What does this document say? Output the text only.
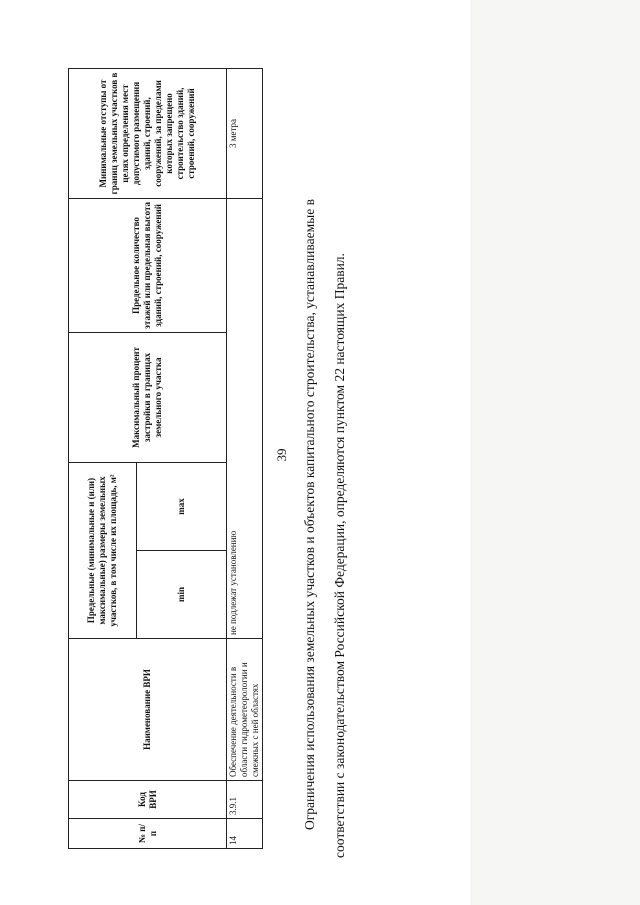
39
№ п/п	Код ВРИ	Наименование ВРИ	Предельные (минимальные и (или) максимальные) размеры земельных участков, в том числе их площадь, м²		Максимальный процент застройки в границах земельного участка	Предельное количество этажей или предельная высота зданий, строений, сооружений	Минимальные отступы от границ земельных участков в целях определения мест допустимого размещения зданий, строений, сооружений, за пределами которых запрещено строительство зданий, строений, сооружений
			min	max			
14	3.9.1	Обеспечение деятельности в области гидрометеорологии и смежных с ней областях	не подлежат установлению				3 метра

Ограничения использования земельных участков и объектов капитального строительства, устанавливаемые в	соответствии с законодательством Российской Федерации, определяются пунктом 22 настоящих Правил.
